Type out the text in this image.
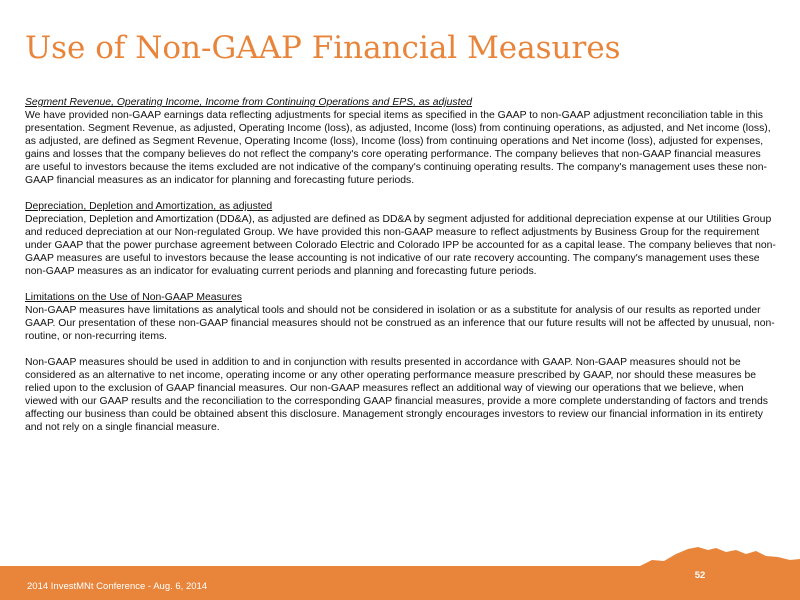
Use of Non-GAAP Financial Measures
Segment Revenue, Operating Income, Income from Continuing Operations and EPS, as adjusted

We have provided non-GAAP earnings data reflecting adjustments for special items as specified in the GAAP to non-GAAP adjustment reconciliation table in this presentation. Segment Revenue, as adjusted, Operating Income (loss), as adjusted, Income (loss) from continuing operations, as adjusted, and Net income (loss), as adjusted, are defined as Segment Revenue, Operating Income (loss), Income (loss) from continuing operations and Net income (loss), adjusted for expenses, gains and losses that the company believes do not reflect the company's core operating performance. The company believes that non-GAAP financial measures are useful to investors because the items excluded are not indicative of the company's continuing operating results. The company's management uses these non-GAAP financial measures as an indicator for planning and forecasting future periods.

Depreciation, Depletion and Amortization, as adjusted

Depreciation, Depletion and Amortization (DD&A), as adjusted are defined as DD&A by segment adjusted for additional depreciation expense at our Utilities Group and reduced depreciation at our Non-regulated Group. We have provided this non-GAAP measure to reflect adjustments by Business Group for the requirement under GAAP that the power purchase agreement between Colorado Electric and Colorado IPP be accounted for as a capital lease. The company believes that non-GAAP measures are useful to investors because the lease accounting is not indicative of our rate recovery accounting. The company's management uses these non-GAAP measures as an indicator for evaluating current periods and planning and forecasting future periods.

Limitations on the Use of Non-GAAP Measures

Non-GAAP measures have limitations as analytical tools and should not be considered in isolation or as a substitute for analysis of our results as reported under GAAP. Our presentation of these non-GAAP financial measures should not be construed as an inference that our future results will not be affected by unusual, non-routine, or non-recurring items.

Non-GAAP measures should be used in addition to and in conjunction with results presented in accordance with GAAP. Non-GAAP measures should not be considered as an alternative to net income, operating income or any other operating performance measure prescribed by GAAP, nor should these measures be relied upon to the exclusion of GAAP financial measures. Our non-GAAP measures reflect an additional way of viewing our operations that we believe, when viewed with our GAAP results and the reconciliation to the corresponding GAAP financial measures, provide a more complete understanding of factors and trends affecting our business than could be obtained absent this disclosure. Management strongly encourages investors to review our financial information in its entirety and not rely on a single financial measure.

2014 InvestMNt Conference - Aug. 6, 2014
52
